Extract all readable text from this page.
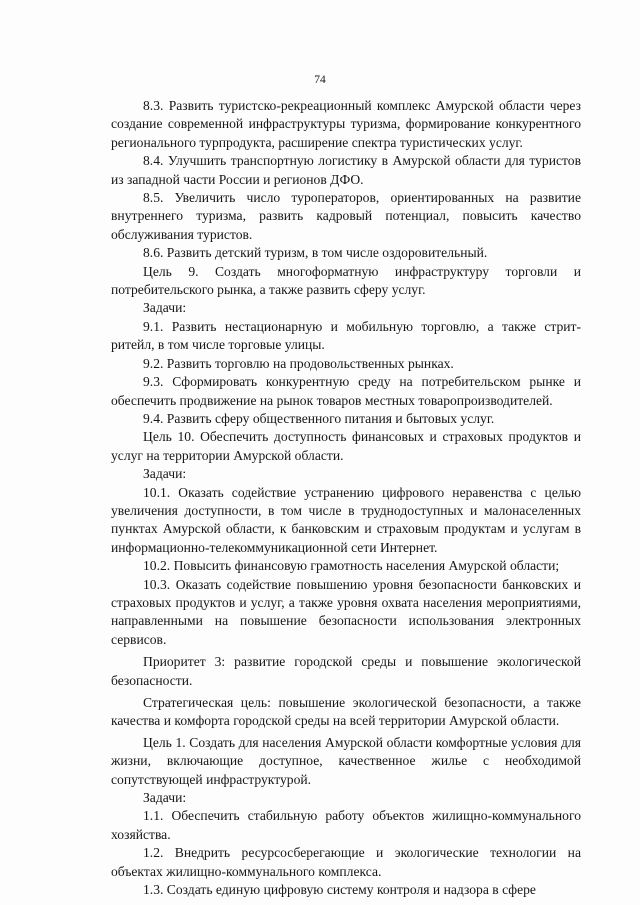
74

8.3. Развить туристско-рекреационный комплекс Амурской области через создание современной инфраструктуры туризма, формирование конкурентного регионального турпродукта, расширение спектра туристических услуг.

8.4. Улучшить транспортную логистику в Амурской области для туристов из западной части России и регионов ДФО.

8.5. Увеличить число туроператоров, ориентированных на развитие внутреннего туризма, развить кадровый потенциал, повысить качество обслуживания туристов.

8.6. Развить детский туризм, в том числе оздоровительный.

Цель 9. Создать многоформатную инфраструктуру торговли и потребительского рынка, а также развить сферу услуг.

Задачи:

9.1. Развить нестационарную и мобильную торговлю, а также стрит-ритейл, в том числе торговые улицы.

9.2. Развить торговлю на продовольственных рынках.

9.3. Сформировать конкурентную среду на потребительском рынке и обеспечить продвижение на рынок товаров местных товаропроизводителей.

9.4. Развить сферу общественного питания и бытовых услуг.

Цель 10. Обеспечить доступность финансовых и страховых продуктов и услуг на территории Амурской области.

Задачи:

10.1. Оказать содействие устранению цифрового неравенства с целью увеличения доступности, в том числе в труднодоступных и малонаселенных пунктах Амурской области, к банковским и страховым продуктам и услугам в информационно-телекоммуникационной сети Интернет.

10.2. Повысить финансовую грамотность населения Амурской области;

10.3. Оказать содействие повышению уровня безопасности банковских и страховых продуктов и услуг, а также уровня охвата населения мероприятиями, направленными на повышение безопасности использования электронных сервисов.

Приоритет 3: развитие городской среды и повышение экологической безопасности.

Стратегическая цель: повышение экологической безопасности, а также качества и комфорта городской среды на всей территории Амурской области.

Цель 1. Создать для населения Амурской области комфортные условия для жизни, включающие доступное, качественное жилье с необходимой сопутствующей инфраструктурой.

Задачи:

1.1. Обеспечить стабильную работу объектов жилищно-коммунального хозяйства.

1.2. Внедрить ресурсосберегающие и экологические технологии на объектах жилищно-коммунального комплекса.

1.3. Создать единую цифровую систему контроля и надзора в сфере
